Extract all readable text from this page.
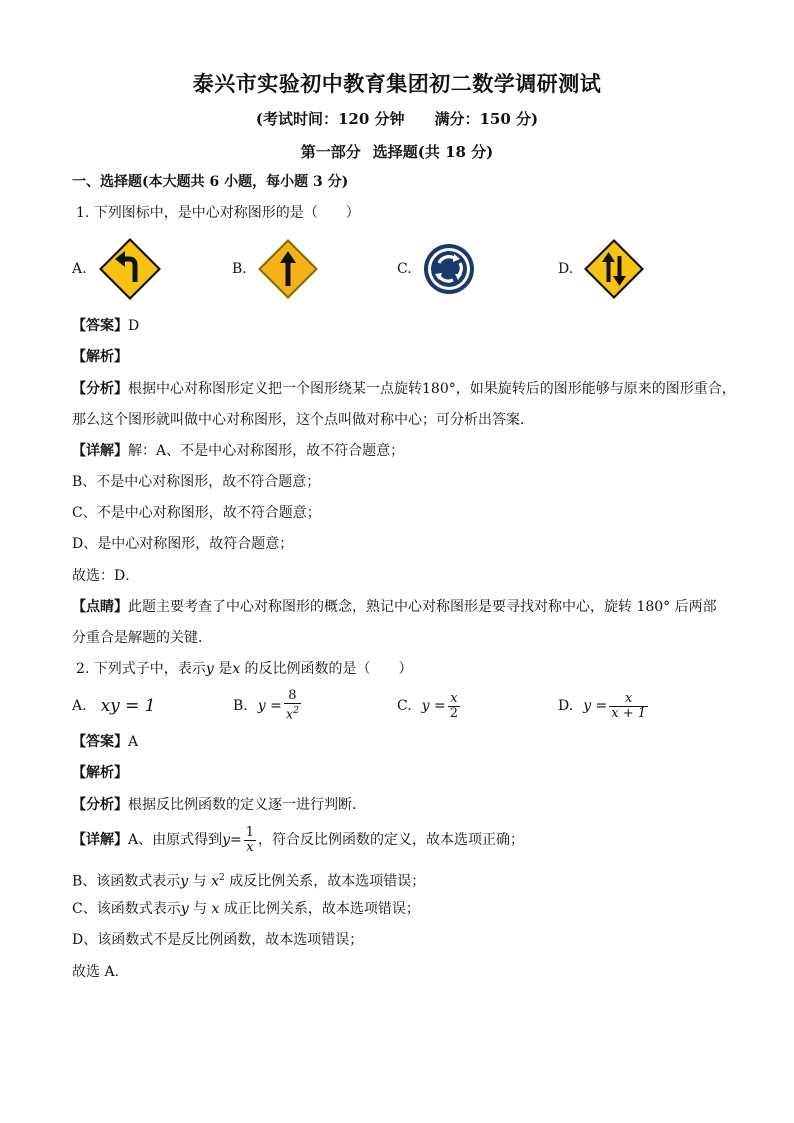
泰兴市实验初中教育集团初二数学调研测试
(考试时间：120 分钟 满分：150 分)
第一部分 选择题(共 18 分)
一、选择题(本大题共 6 小题，每小题 3 分)
1. 下列图标中，是中心对称图形的是（　　）
A.	B.	C.	D.
【答案】D
【解析】
【分析】根据中心对称图形定义把一个图形绕某一点旋转180°，如果旋转后的图形能够与原来的图形重合，
那么这个图形就叫做中心对称图形，这个点叫做对称中心；可分析出答案．
【详解】解：A、不是中心对称图形，故不符合题意；
B、不是中心对称图形，故不符合题意；
C、不是中心对称图形，故不符合题意；
D、是中心对称图形，故符合题意；
故选：D．
【点睛】此题主要考查了中心对称图形的概念，熟记中心对称图形是要寻找对称中心，旋转 180° 后两部
分重合是解题的关键．
2. 下列式子中，表示y 是x 的反比例函数的是（　　）
A. xy = 1	B. $y = \frac{8}{x^2}$	C. $y = \frac{x}{2}$	D. $y = \frac{x}{x + 1}$
【答案】A
【解析】
【分析】根据反比例函数的定义逐一进行判断．
【详解】 A、由原式得到 $y= \frac{1}{x}$ ，符合反比例函数的定义，故本选项正确；
B、该函数式表示y 与 $x^2$ 成反比例关系，故本选项错误；
C、该函数式表示y 与 x 成正比例关系，故本选项错误；
D、该函数式不是反比例函数，故本选项错误；
故选 A.
